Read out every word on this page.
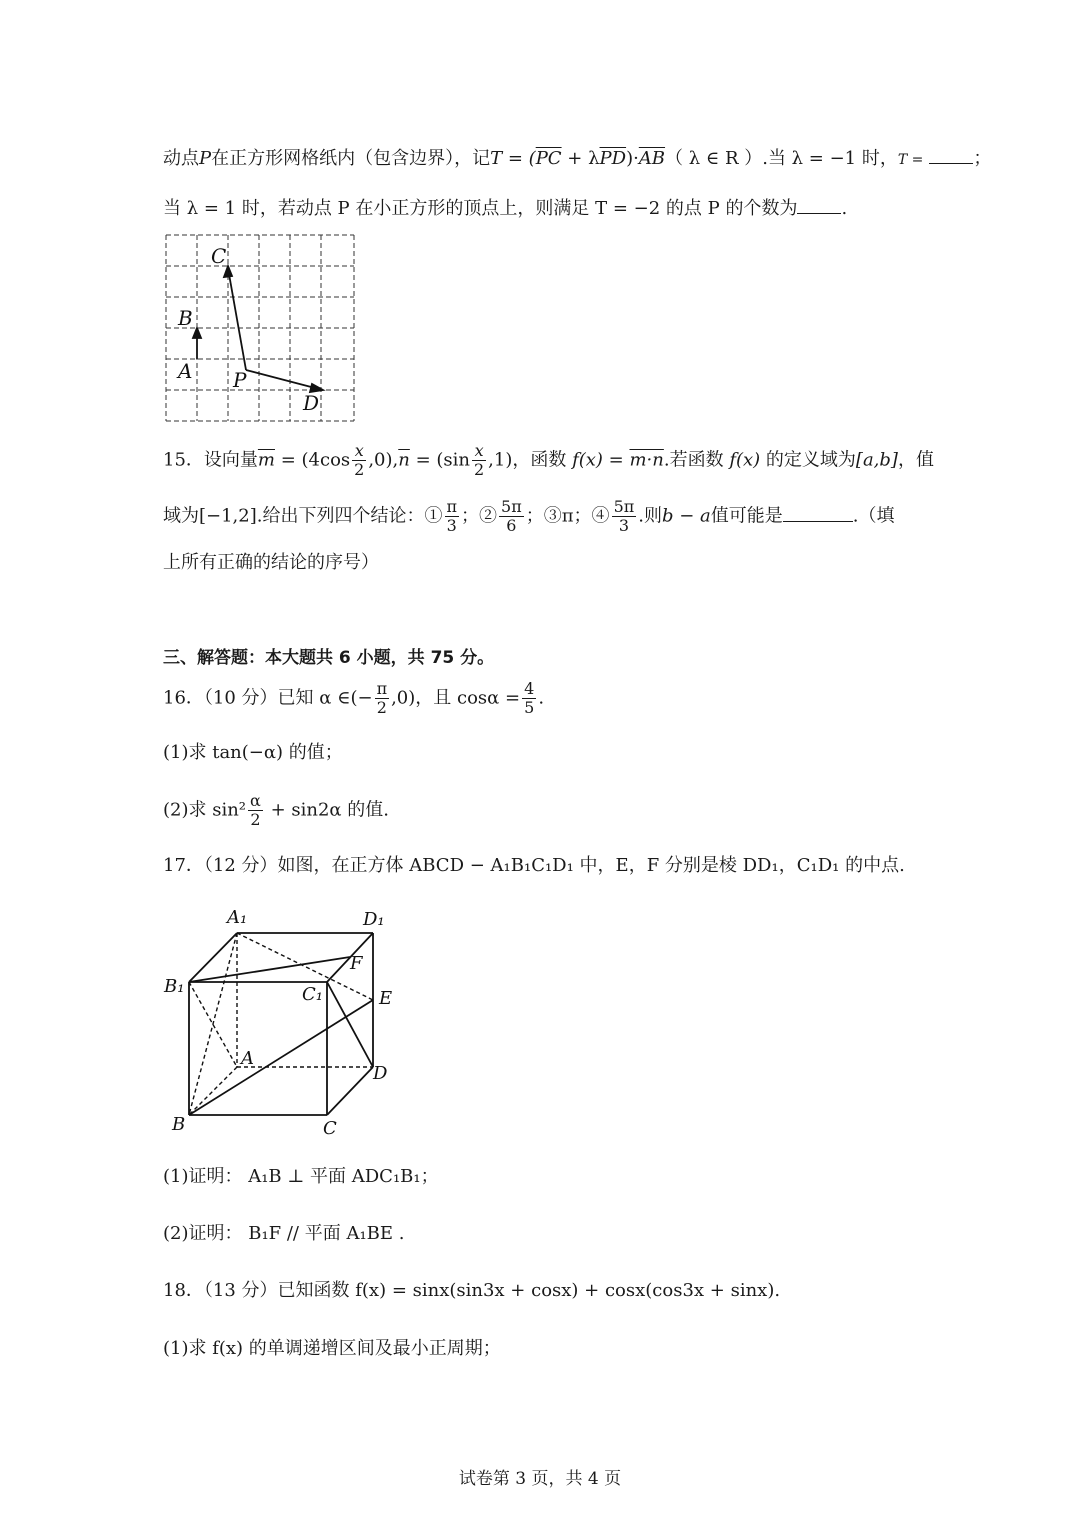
动点P在正方形网格纸内（包含边界），记$T = (\overline{PC} + \lambda\overline{PD})\cdot\overline{AB}$（ λ ∈ R ）.当 λ = −1 时，T =	；
当 λ = 1 时，若动点 P 在小正方形的顶点上，则满足 T = −2 的点 P 的个数为 .
C
B
A P
D
15．设向量$\overline{m} = (4\cos \frac{x}{2} ,0),\overline{n} = (\sin \frac{x}{2} ,1)$，函数 f(x) = m·n.若函数 f(x) 的定义域为[a,b]，值
域为[−1,2].给出下列四个结论：① $\frac{\pi}{3}$ ；② $\frac{5\pi}{6}$ ；③π；④ $\frac{5\pi}{3}$ .则b − a值可能是	.（填
上所有正确的结论的序号）
三、解答题：本大题共 6 小题，共 75 分。
16．（10 分）已知 α ∈(− $\frac{\pi}{2} ,0$)，且 $\cos\alpha = \frac{4}{5}$ .
(1)求 tan(−α) 的值；
(2)求 $\sin^2 \frac{\alpha}{2} + \sin 2\alpha$ 的值.
17．（12 分）如图，在正方体 ABCD − A₁B₁C₁D₁ 中，E，F 分别是棱 DD₁，C₁D₁ 的中点.
A₁	D₁
B₁	C₁
F
E
A
D
B	C
(1)证明： A₁B ⊥ 平面 ADC₁B₁；
(2)证明： B₁F // 平面 A₁BE .
18．（13 分）已知函数 f(x) = sinx(sin3x + cosx) + cosx(cos3x + sinx).
(1)求 f(x) 的单调递增区间及最小正周期；
试卷第 3 页，共 4 页
